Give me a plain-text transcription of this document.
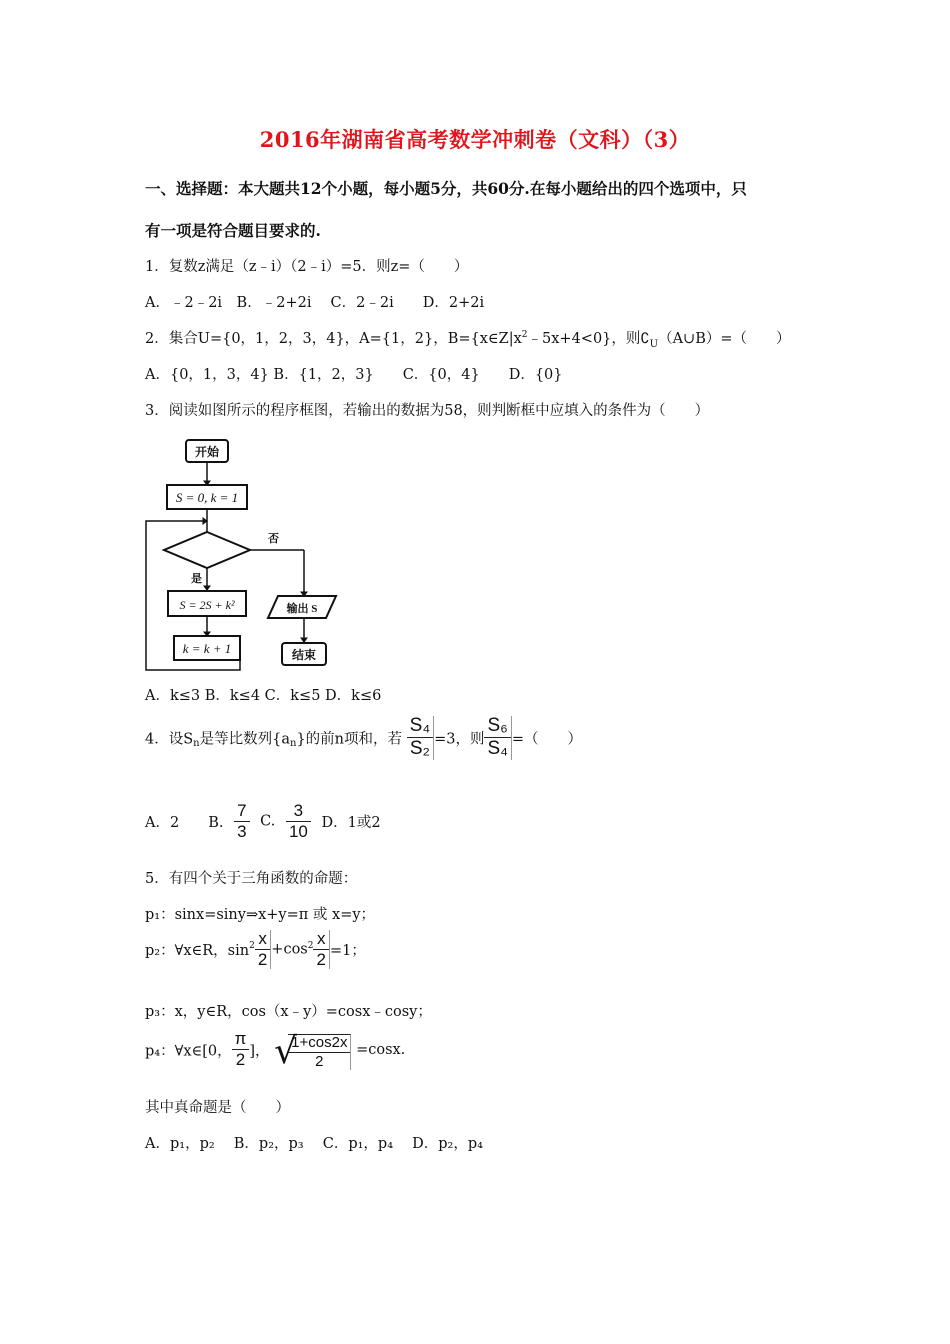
2016年湖南省高考数学冲刺卷（文科）（3）
一、选择题：本大题共12个小题，每小题5分，共60分.在每小题给出的四个选项中，只
有一项是符合题目要求的.
1．复数z满足（z﹣i）（2﹣i）=5．则z=（　　）
A．﹣2﹣2i　B．﹣2+2i　 C．2﹣2i　　D．2+2i
2．集合U={0，1，2，3，4}，A={1，2}，$B=\{x\in Z|x^2﹣5x+4<0\}$，则$∁_U(A\cup B)=$（　　）
A．{0，1，3，4} B．{1，2，3}　　C．{0，4}　　D．{0}
3．阅读如图所示的程序框图，若输出的数据为58，则判断框中应填入的条件为（　　）
开始
S = 0, k = 1
否
是
S = 2S + k²
k = k + 1
输出 S
结束
A．k≤3 B．k≤4 C．k≤5 D．k≤6
4．设$S_n$是等比数列$\{a_n\}$的前n项和，若 $\frac{\text{S₄}}{\text{S₂}} =3$，则 $\frac{\text{S₆}}{\text{S₄}}$ =（　　）
A．2　　B. $\frac{7}{3} C$. $\frac{3}{10}$ D．1或2
5．有四个关于三角函数的命题：
p₁：sinx=siny⇒x+y=π 或 x=y；
p₂：∀x∈R，$\sin^2 \frac{x}{2} +\cos^2 \frac{x}{2} =1$；
p₃：x，y∈R，cos（x﹣y）=cosx﹣cosy；
p₄：∀x∈[0， $\frac{\pi}{2}$ ]， √
$\frac{1+\cos 2x}{2} =\cos x$.
其中真命题是（　　）
A．p₁，p₂　 B．p₂，p₃　 C．p₁，p₄　 D．p₂，p₄
